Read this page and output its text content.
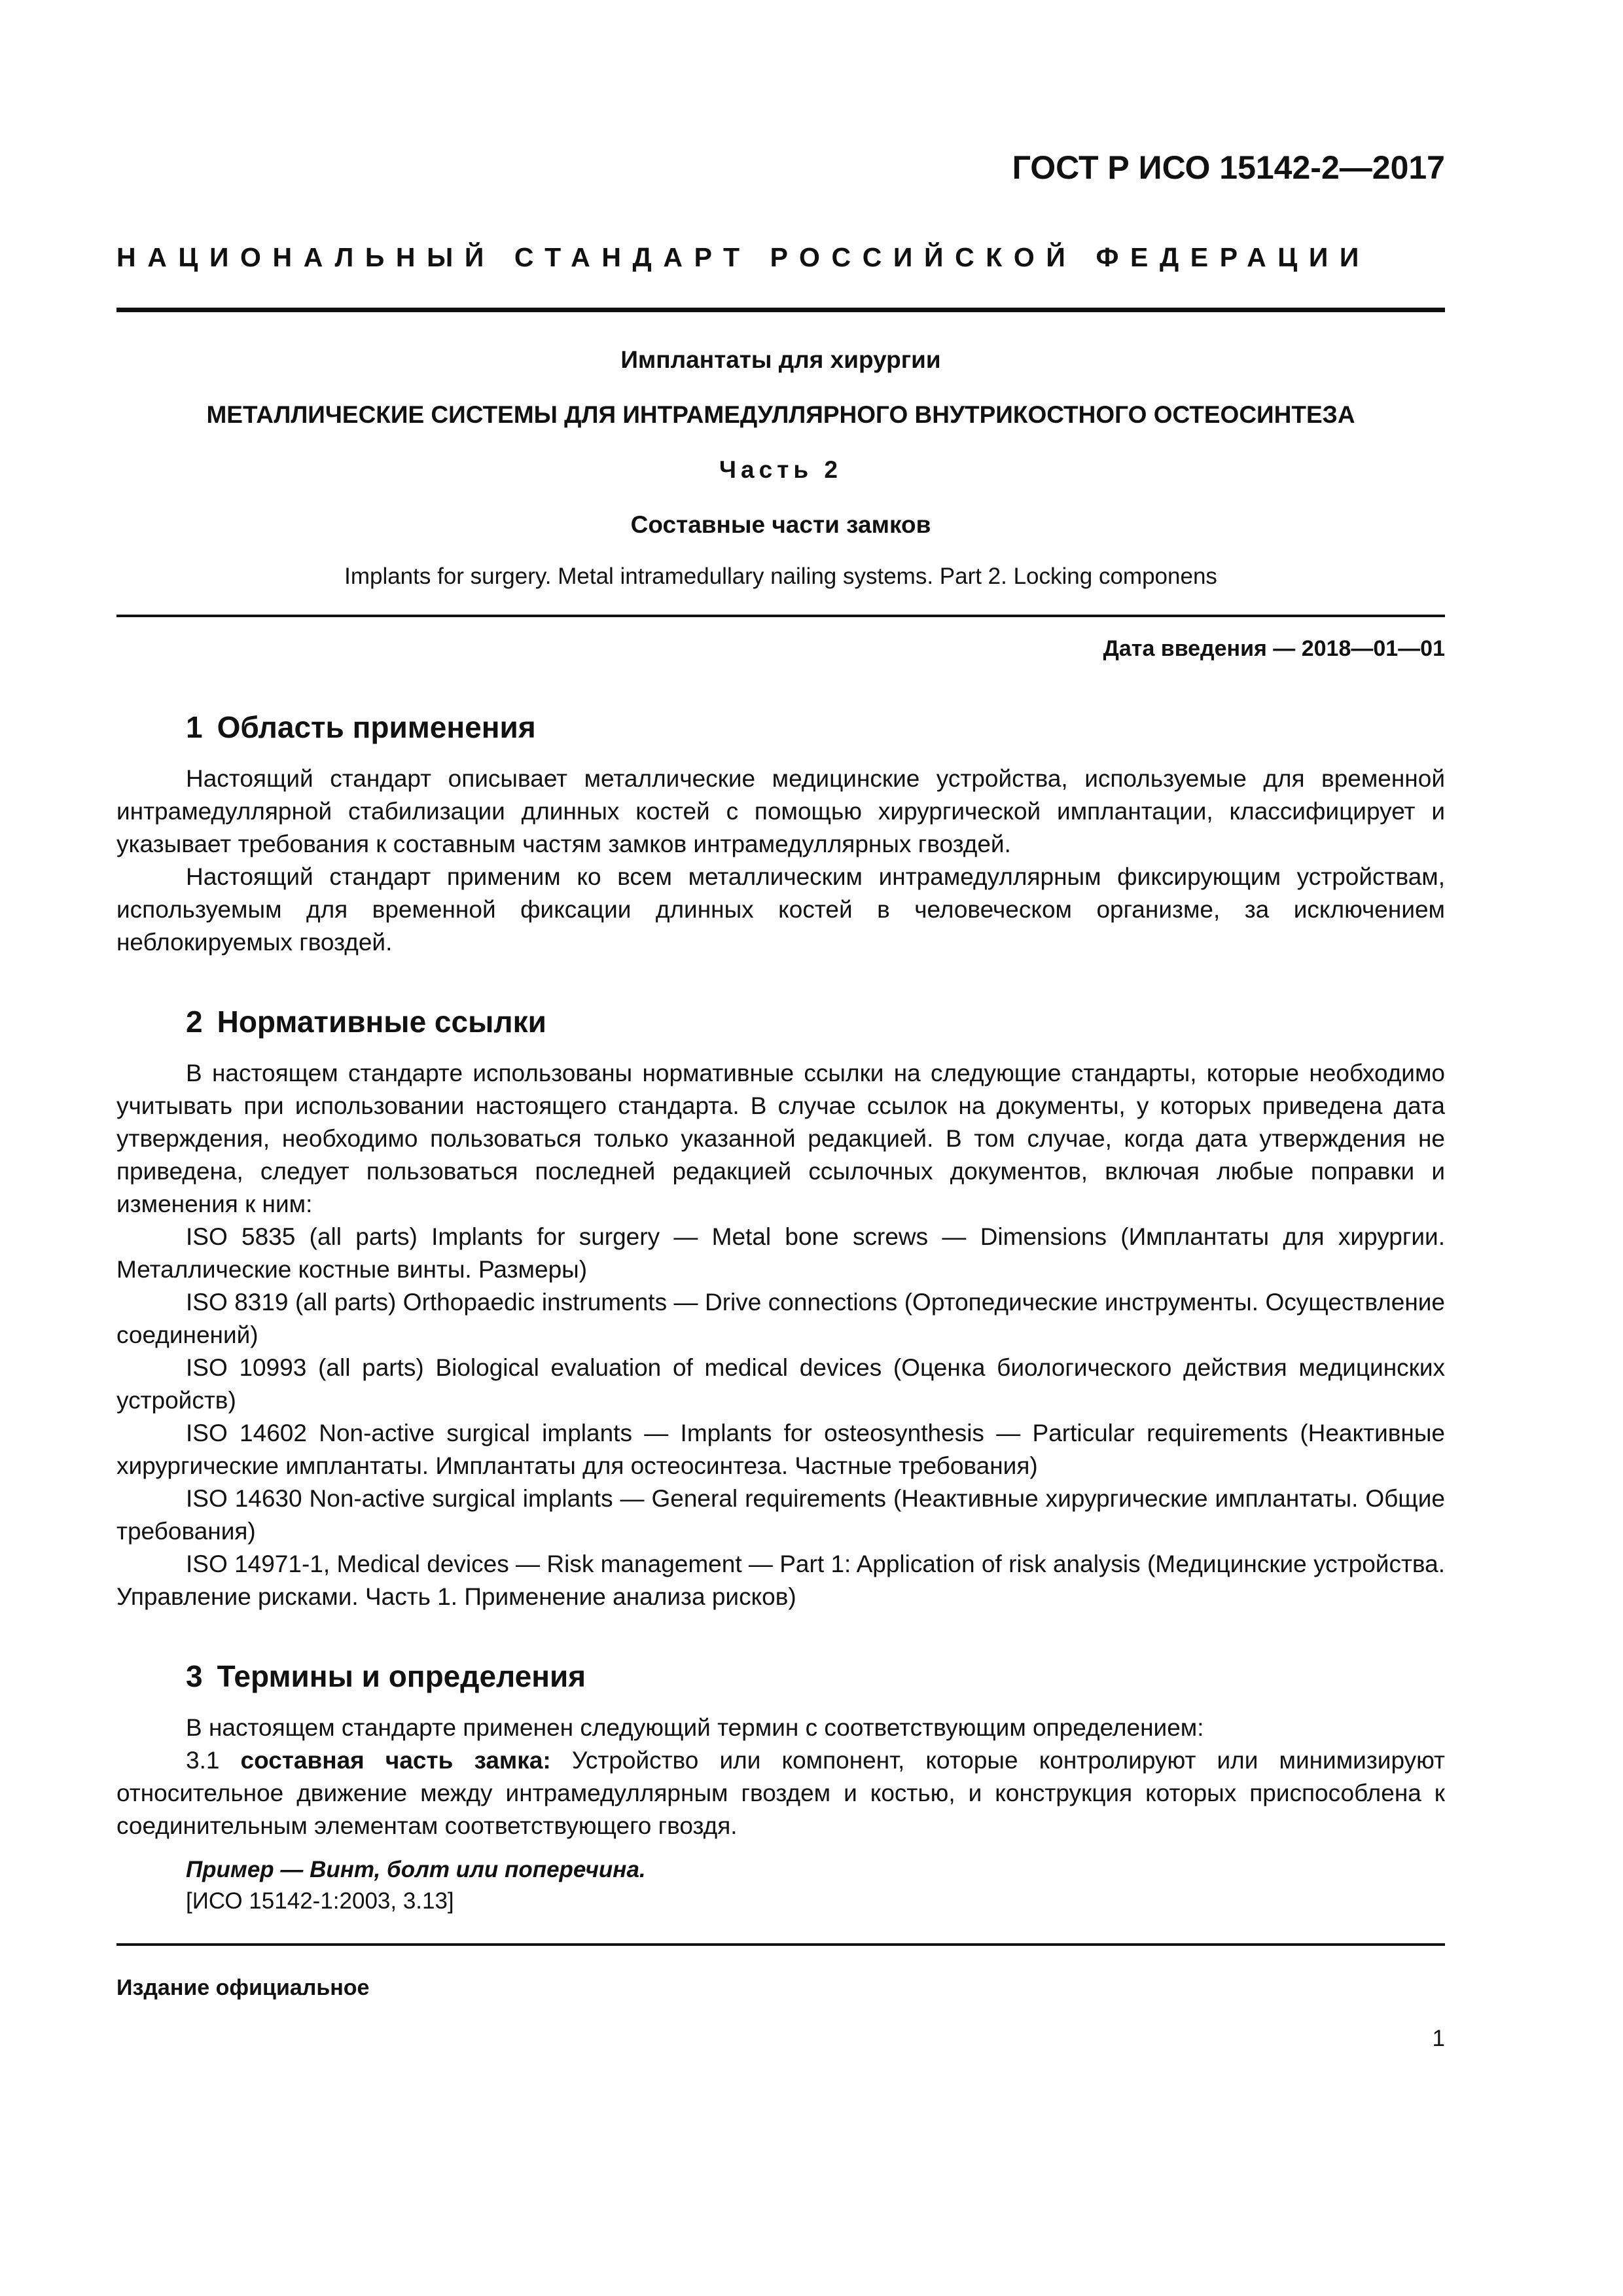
ГОСТ Р ИСО 15142-2—2017
НАЦИОНАЛЬНЫЙ СТАНДАРТ РОССИЙСКОЙ ФЕДЕРАЦИИ
Имплантаты для хирургии
МЕТАЛЛИЧЕСКИЕ СИСТЕМЫ ДЛЯ ИНТРАМЕДУЛЛЯРНОГО ВНУТРИКОСТНОГО ОСТЕОСИНТЕЗА
Часть 2
Составные части замков
Implants for surgery. Metal intramedullary nailing systems. Part 2. Locking componens
Дата введения — 2018—01—01
1 Область применения

Настоящий стандарт описывает металлические медицинские устройства, используемые для временной интрамедуллярной стабилизации длинных костей с помощью хирургической имплантации, классифицирует и указывает требования к составным частям замков интрамедуллярных гвоздей.

Настоящий стандарт применим ко всем металлическим интрамедуллярным фиксирующим устройствам, используемым для временной фиксации длинных костей в человеческом организме, за исключением неблокируемых гвоздей.

2 Нормативные ссылки

В настоящем стандарте использованы нормативные ссылки на следующие стандарты, которые необходимо учитывать при использовании настоящего стандарта. В случае ссылок на документы, у которых приведена дата утверждения, необходимо пользоваться только указанной редакцией. В том случае, когда дата утверждения не приведена, следует пользоваться последней редакцией ссылочных документов, включая любые поправки и изменения к ним:

ISO 5835 (all parts) Implants for surgery — Metal bone screws — Dimensions (Имплантаты для хирургии. Металлические костные винты. Размеры)

ISO 8319 (all parts) Orthopaedic instruments — Drive connections (Ортопедические инструменты. Осуществление соединений)

ISO 10993 (all parts) Biological evaluation of medical devices (Оценка биологического действия медицинских устройств)

ISO 14602 Non-active surgical implants — Implants for osteosynthesis — Particular requirements (Неактивные хирургические имплантаты. Имплантаты для остеосинтеза. Частные требования)

ISO 14630 Non-active surgical implants — General requirements (Неактивные хирургические имплантаты. Общие требования)

ISO 14971-1, Medical devices — Risk management — Part 1: Application of risk analysis (Медицинские устройства. Управление рисками. Часть 1. Применение анализа рисков)

3 Термины и определения

В настоящем стандарте применен следующий термин с соответствующим определением:

3.1 составная часть замка: Устройство или компонент, которые контролируют или минимизируют относительное движение между интрамедуллярным гвоздем и костью, и конструкция которых приспособлена к соединительным элементам соответствующего гвоздя.

Пример — Винт, болт или поперечина.
[ИСО 15142-1:2003, 3.13]
Издание официальное
1
